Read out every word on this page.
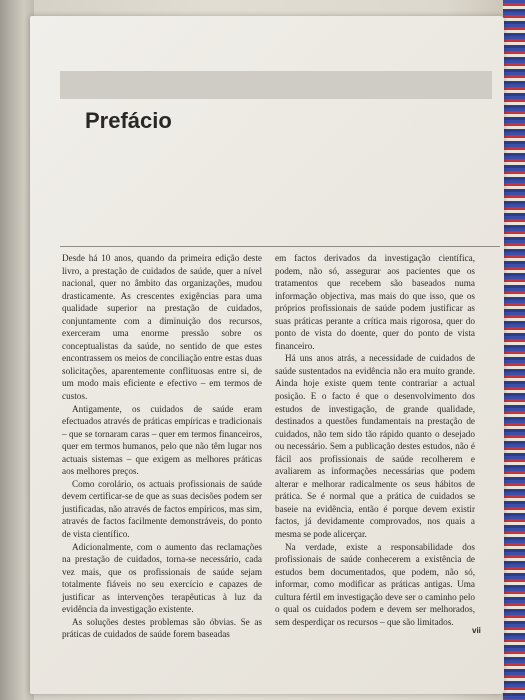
Prefácio

Desde há 10 anos, quando da primeira edição deste livro, a prestação de cuidados de saúde, quer a nível nacional, quer no âmbito das organizações, mudou drasticamente. As crescentes exigências para uma qualidade superior na prestação de cuidados, conjuntamente com a diminuição dos recursos, exerceram uma enorme pressão sobre os conceptualistas da saúde, no sentido de que estes encontrassem os meios de conciliação entre estas duas solicitações, aparentemente conflituosas entre si, de um modo mais eficiente e efectivo – em termos de custos.

Antigamente, os cuidados de saúde eram efectuados através de práticas empíricas e tradicionais – que se tornaram caras – quer em termos financeiros, quer em termos humanos, pelo que não têm lugar nos actuais sistemas – que exigem as melhores práticas aos melhores preços.

Como corolário, os actuais profissionais de saúde devem certificar-se de que as suas decisões podem ser justificadas, não através de factos empíricos, mas sim, através de factos facilmente demonstráveis, do ponto de vista científico.

Adicionalmente, com o aumento das reclamações na prestação de cuidados, torna-se necessário, cada vez mais, que os profissionais de saúde sejam totalmente fiáveis no seu exercício e capazes de justificar as intervenções terapêuticas à luz da evidência da investigação existente.

As soluções destes problemas são óbvias. Se as práticas de cuidados de saúde forem baseadas

em factos derivados da investigação científica, podem, não só, assegurar aos pacientes que os tratamentos que recebem são baseados numa informação objectiva, mas mais do que isso, que os próprios profissionais de saúde podem justificar as suas práticas perante a crítica mais rigorosa, quer do ponto de vista do doente, quer do ponto de vista financeiro.

Há uns anos atrás, a necessidade de cuidados de saúde sustentados na evidência não era muito grande. Ainda hoje existe quem tente contrariar a actual posição. E o facto é que o desenvolvimento dos estudos de investigação, de grande qualidade, destinados a questões fundamentais na prestação de cuidados, não tem sido tão rápido quanto o desejado ou necessário. Sem a publicação destes estudos, não é fácil aos profissionais de saúde recolherem e avaliarem as informações necessárias que podem alterar e melhorar radicalmente os seus hábitos de prática. Se é normal que a prática de cuidados se baseie na evidência, então é porque devem existir factos, já devidamente comprovados, nos quais a mesma se pode alicerçar.

Na verdade, existe a responsabilidade dos profissionais de saúde conhecerem a existência de estudos bem documentados, que podem, não só, informar, como modificar as práticas antigas. Uma cultura fértil em investigação deve ser o caminho pelo o qual os cuidados podem e devem ser melhorados, sem desperdiçar os recursos – que são limitados.

vii
